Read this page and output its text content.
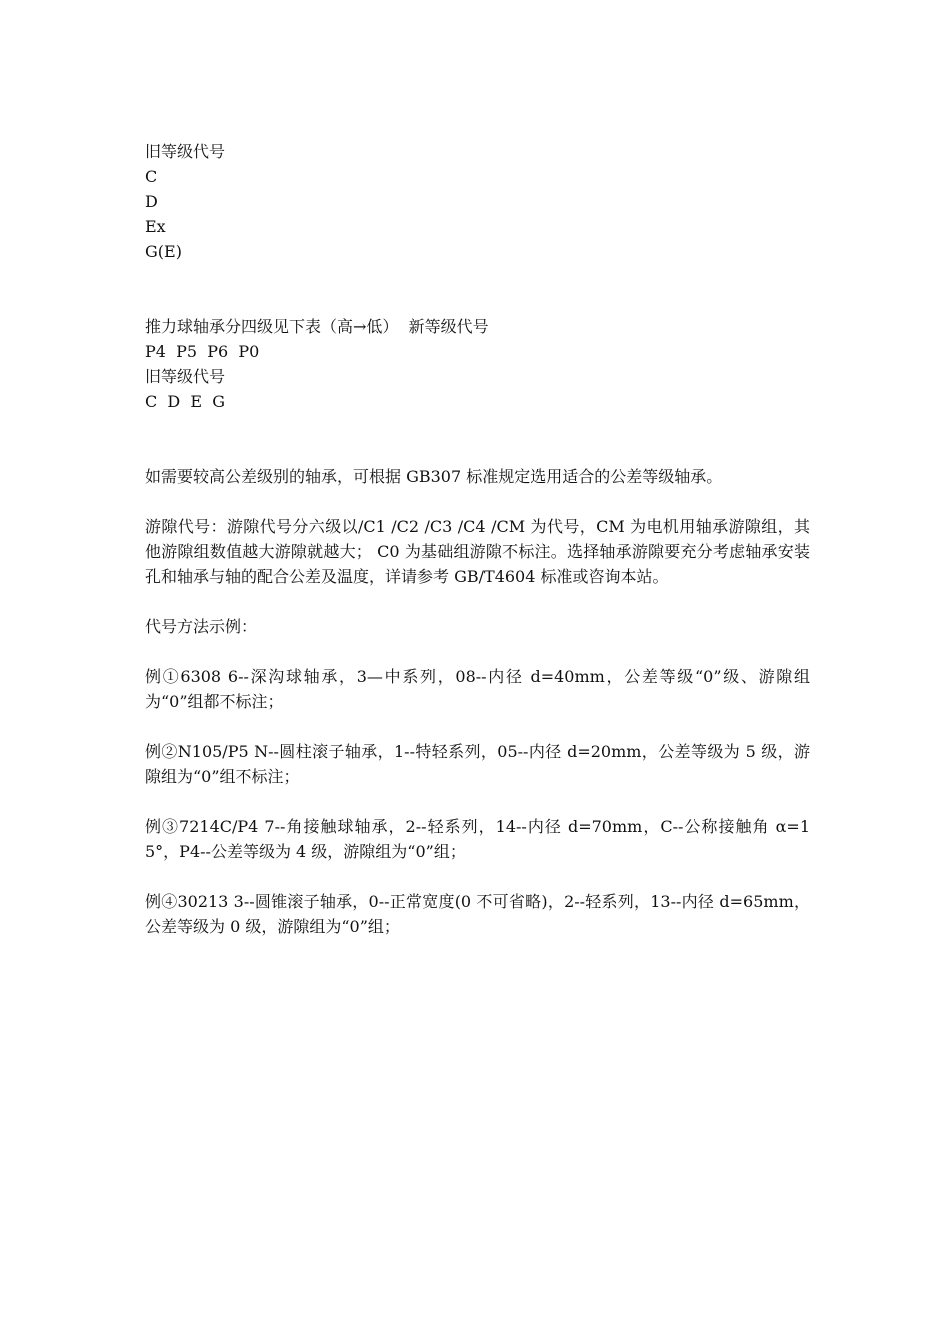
旧等级代号
C
D
Ex
G(E)
推力球轴承分四级见下表（高→低）  新等级代号
P4  P5  P6  P0
旧等级代号
C  D  E  G
如需要较高公差级别的轴承，可根据 GB307 标准规定选用适合的公差等级轴承。
游隙代号：游隙代号分六级以/C1 /C2 /C3 /C4 /CM 为代号，CM 为电机用轴承游隙组，其他游隙组数值越大游隙就越大； C0 为基础组游隙不标注。选择轴承游隙要充分考虑轴承安装孔和轴承与轴的配合公差及温度，详请参考 GB/T4604 标准或咨询本站。
代号方法示例：
例①6308 6--深沟球轴承，3—中系列，08--内径 d=40mm，公差等级“0”级、游隙组为“0”组都不标注；
例②N105/P5 N--圆柱滚子轴承，1--特轻系列，05--内径 d=20mm，公差等级为 5 级，游隙组为“0”组不标注；
例③7214C/P4 7--角接触球轴承，2--轻系列，14--内径 d=70mm，C--公称接触角 α=15°，P4--公差等级为 4 级，游隙组为“0”组；
例④30213 3--圆锥滚子轴承，0--正常宽度(0 不可省略)，2--轻系列，13--内径 d=65mm，公差等级为 0 级，游隙组为“0”组；
